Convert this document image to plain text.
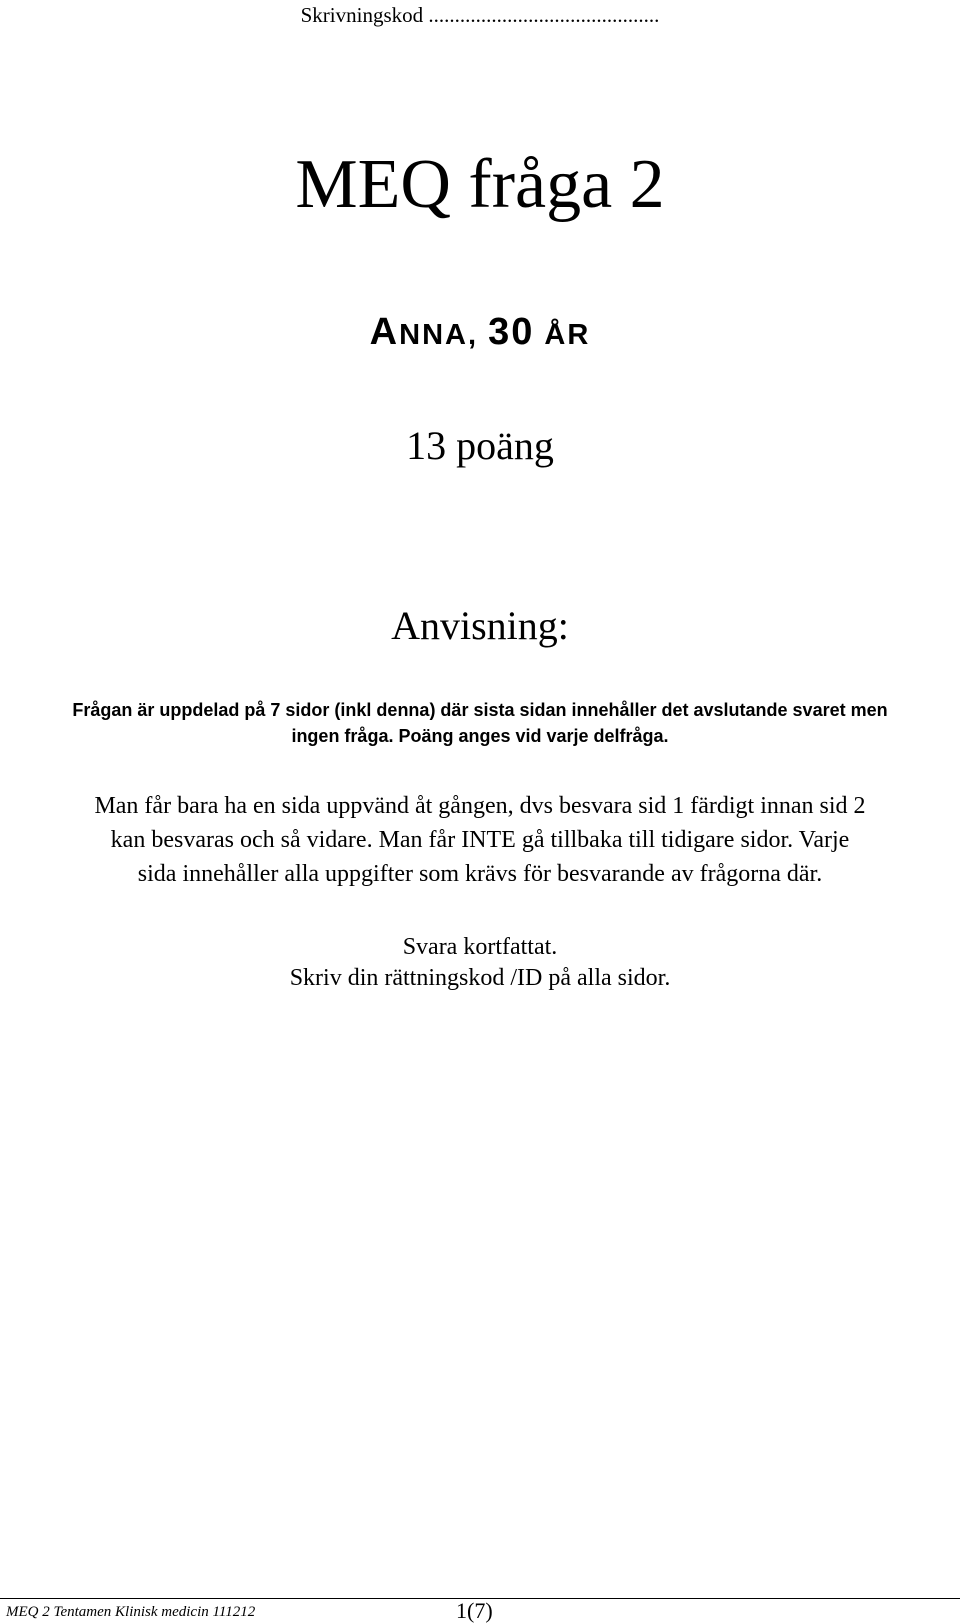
Skrivningskod ............................................
MEQ fråga 2
ANNA, 30 ÅR
13 poäng
Anvisning:
Frågan är uppdelad på 7 sidor (inkl denna) där sista sidan innehåller det avslutande svaret men
ingen fråga. Poäng anges vid varje delfråga.
Man får bara ha en sida uppvänd åt gången, dvs besvara sid 1 färdigt innan sid 2
kan besvaras och så vidare. Man får INTE gå tillbaka till tidigare sidor. Varje
sida innehåller alla uppgifter som krävs för besvarande av frågorna där.
Svara kortfattat.
Skriv din rättningskod /ID på alla sidor.
MEQ 2 Tentamen Klinisk medicin 111212	1(7)
